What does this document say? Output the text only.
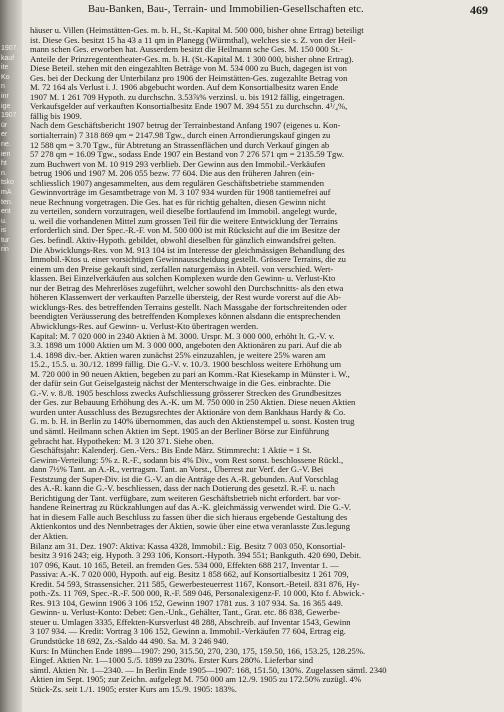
1907.
kauf
ite
Ko
n
inr
ige
1907
ür
er
ne.
ien
ht
n.
tsko
mA
ten.
ent
u.
is
tur
rin
Bau-Banken, Bau-, Terrain- und Immobilien-Gesellschaften etc.	469
häuser u. Villen (Heimstätten-Ges. m. b. H., St.-Kapital M. 500 000, bisher ohne Ertrag) beteiligt
ist. Diese Ges. besitzt 15 ha 43 a 11 qm in Planegg (Würmthal), welches sie s. Z. von der Heil-
mann schen Ges. erworben hat. Ausserdem besitzt die Heilmann sche Ges. M. 150 000 St.-
Anteile der Prinzregententheater-Ges. m. b. H. (St.-Kapital M. 1 300 000, bisher ohne Ertrag).
Diese Beteil. stehen mit den eingezahlten Beträge von M. 534 000 zu Buch, dagegen ist von
Ges. bei der Deckung der Unterbilanz pro 1906 der Heimstätten-Ges. zugezahlte Betrag von
M. 72 164 als Verlust i. J. 1906 abgebucht worden. Auf dem Konsortialbesitz waren Ende
1907 M. 1 261 709 Hypoth. zu durchschn. 3.53⅞% verzinsl. u. bis 1912 fällig, eingetragen.
Verkaufsgelder auf verkauften Konsortialbesitz Ende 1907 M. 394 551 zu durchschn. 4¹/₄%,
fällig bis 1909.
Nach dem Geschäftsbericht 1907 betrug der Terrainbestand Anfang 1907 (eigenes u. Kon-
sortialterrain) 7 318 869 qm = 2147.98 Tgw., durch einen Arrondierungskauf gingen zu
12 588 qm = 3.70 Tgw., für Abtretung an Strassenflächen und durch Verkauf gingen ab
57 278 qm = 16.09 Tgw., sodass Ende 1907 ein Bestand von 7 276 571 qm = 2135.59 Tgw.
zum Buchwert von M. 10 919 293 verblieb. Der Gewinn aus den Immobil.-Verkäufen
betrug 1906 und 1907 M. 206 055 bezw. 77 604. Die aus den früheren Jahren (ein-
schliesslich 1907) angesammelten, aus dem regulären Geschäftsbetriebe stammenden
Gewinnvorträge im Gesamtbetrage von M. 3 107 934 wurden für 1908 tantiemefrei auf
neue Rechnung vorgetragen. Die Ges. hat es für richtig gehalten, diesen Gewinn nicht
zu verteilen, sondern vorzutragen, weil dieselbe fortlaufend im Immobil. angelegt wurde,
u. weil die vorhandenen Mittel zum grossen Teil für die weitere Entwicklung der Terrains
erforderlich sind. Der Spec.-R.-F. von M. 500 000 ist mit Rücksicht auf die im Besitze der
Ges. befindl. Aktiv-Hypoth. gebildet, obwohl dieselben für gänzlich einwandsfrei gelten.
Die Abwicklungs-Res. von M. 913 104 ist im Interesse der gleichmässigen Behandlung des
Immobil.-Ktos u. einer vorsichtigen Gewinnausscheidung gestellt. Grössere Terrains, die zu
einem um den Preise gekauft sind, zerfallen naturgemäss in Abteil. von verschied. Wert-
klassen. Bei Einzelverkäufen aus solchen Komplexen wurde den Gewinn- u. Verlust-Kto
nur der Betrag des Mehrerlöses zugeführt, welcher sowohl den Durchschnitts- als den etwa
höheren Klassenwert der verkauften Parzelle übersteig, der Rest wurde vorerst auf die Ab-
wicklungs-Res. des betreffenden Terrains gestellt. Nach Massgabe der fortschreitenden oder
beendigten Veräusserung des betreffenden Komplexes können alsdann die entsprechenden
Abwicklungs-Res. auf Gewinn- u. Verlust-Kto übertragen werden.
Kapital: M. 7 020 000 in 2340 Aktien à M. 3000. Urspr. M. 3 000 000, erhöht lt. G.-V. v.
3.3. 1898 um 1000 Aktien um M. 3 000 000, angeboten den Aktionären zu pari. Auf die ab
1.4. 1898 div.-ber. Aktien waren zunächst 25% einzuzahlen, je weitere 25% waren am
15.2., 15.5. u. 30./12. 1899 fällig. Die G.-V. v. 10./3. 1900 beschloss weitere Erhöhung um
M. 720 000 in 90 neuen Aktien, begeben zu pari an Komm.-Rat Kiesekamp in Münster i. W.,
der dafür sein Gut Geiselgasteig nächst der Menterschwaige in die Ges. einbrachte. Die
G.-V. v. 8./8. 1905 beschloss zwecks Aufschliessung grösserer Strecken des Grundbesitzes
der Ges. zur Bebauung Erhöhung des A.-K. um M. 750 000 in 250 Aktien. Diese neuen Aktien
wurden unter Ausschluss des Bezugsrechtes der Aktionäre von dem Bankhaus Hardy & Co.
G. m. b. H. in Berlin zu 140% übernommen, das auch den Aktienstempel u. sonst. Kosten trug
und sämtl. Heilmann schen Aktien im Sept. 1905 an der Berliner Börse zur Einführung
gebracht hat. Hypotheken: M. 3 120 371. Siehe oben.
Geschäftsjahr: Kalenderj. Gen.-Vers.: Bis Ende März. Stimmrecht: 1 Aktie = 1 St.
Gewinn-Verteilung: 5% z. R.-F., sodann bis 4% Div., vom Rest sonst. beschlossene Rückl.,
dann 7½% Tant. an A.-R., vertragsm. Tant. an Vorst., Überrest zur Verf. der G.-V. Bei
Feststzung der Super-Div. ist die G.-V. an die Anträge des A.-R. gebunden. Auf Vorschlag
des A.-R. kann die G.-V. beschliessen, dass der nach Dotierung des gesetzl. R.-F. u. nach
Berichtigung der Tant. verfügbare, zum weiteren Geschäftsbetrieb nicht erfordert. bar vor-
handene Reinertrag zu Rückzahlungen auf das A.-K. gleichmässig verwendet wird. Die G.-V.
hat in diesem Falle auch Beschluss zu fassen über die sich hieraus ergebende Gestaltung des
Aktienkontos und des Nennbetrages der Aktien, sowie über eine etwa veranlasste Zus.legung
der Aktien.
Bilanz am 31. Dez. 1907: Aktiva: Kassa 4328, Immobil.: Eig. Besitz 7 003 050, Konsortial-
besitz 3 916 243; eig. Hypoth. 3 293 106, Konsort.-Hypoth. 394 551; Bankguth. 420 690, Debit.
107 096, Kaut. 10 165, Beteil. an fremden Ges. 534 000, Effekten 688 217, Inventar 1. —
Passiva: A.-K. 7 020 000, Hypoth. auf eig. Besitz 1 858 662, auf Konsortialbesitz 1 261 709,
Kredit. 54 593, Strassensicher. 211 585, Gewerbesteuerrest 1167, Konsort.-Beteil. 831 876, Hy-
poth.-Zs. 11 769, Spec.-R.-F. 500 000, R.-F. 589 046, Personalexigenz-F. 10 000, Kto f. Abwick.-
Res. 913 104, Gewinn 1906 3 106 152, Gewinn 1907 1781 zus. 3 107 934. Sa. 16 365 449.
Gewinn- u. Verlust-Konto: Debet: Gen.-Unk., Gehälter, Tant., Grat. etc. 86 838, Gewerbe-
steuer u. Umlagen 3335, Effekten-Kursverlust 48 288, Abschreib. auf Inventar 1543, Gewinn
3 107 934. — Kredit: Vortrag 3 106 152, Gewinn a. Immobil.-Verkäufen 77 604, Ertrag eig.
Grundstücke 18 692, Zs.-Saldo 44 490. Sa. M. 3 246 940.
Kurs: In München Ende 1899—1907: 290, 315.50, 270, 230, 175, 159.50, 166, 153.25, 128.25%.
Eingef. Aktien Nr. 1—1000 5./5. 1899 zu 230%. Erster Kurs 280%. Lieferbar sind
sämtl. Aktien Nr. 1—2340. — In Berlin Ende 1905—1907: 168, 151.50, 130%. Zugelassen sämtl. 2340
Aktien im Sept. 1905; zur Zeichn. aufgelegt M. 750 000 am 12./9. 1905 zu 172.50% zuzügl. 4%
Stück-Zs. seit 1./1. 1905; erster Kurs am 15./9. 1905: 183%.
